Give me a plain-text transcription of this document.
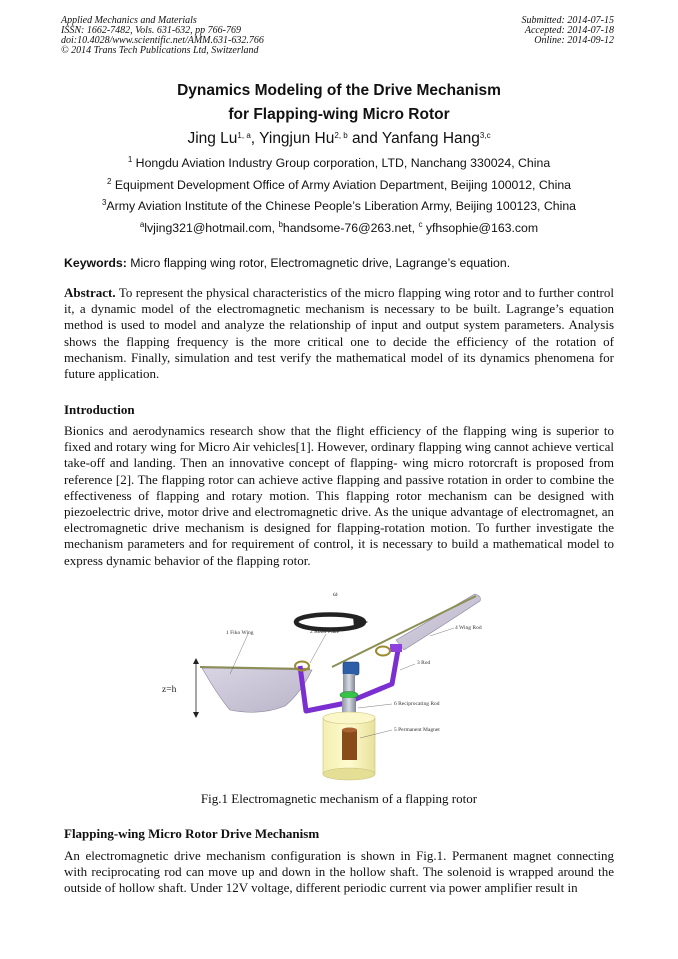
Applied Mechanics and Materials
ISSN: 1662-7482, Vols. 631-632, pp 766-769
doi:10.4028/www.scientific.net/AMM.631-632.766
© 2014 Trans Tech Publications Ltd, Switzerland
Submitted: 2014-07-15
Accepted: 2014-07-18
Online: 2014-09-12
Dynamics Modeling of the Drive Mechanism
for Flapping-wing Micro Rotor
Jing Lu$^{1, a}$, Yingjun Hu$^{2, b}$ and Yanfang Hang$^{3,c}$
$^1$ Hongdu Aviation Industry Group corporation, LTD, Nanchang 330024, China
$^2$ Equipment Development Office of Army Aviation Department, Beijing 100012, China
$^3$Army Aviation Institute of the Chinese People’s Liberation Army, Beijing 100123, China
$^a$lvjing321@hotmail.com, $^b$handsome-76@263.net, $^c$ yfhsophie@163.com
Keywords: Micro flapping wing rotor, Electromagnetic drive, Lagrange’s equation.
Abstract. To represent the physical characteristics of the micro flapping wing rotor and to further control it, a dynamic model of the electromagnetic mechanism is necessary to be built. Lagrange’s equation method is used to model and analyze the relationship of input and output system parameters. Analysis shows the flapping frequency is the more critical one to decide the efficiency of the rotation of mechanism. Finally, simulation and test verify the mathematical model of its dynamics phenomena for future application.
Introduction
Bionics and aerodynamics research show that the flight efficiency of the flapping wing is superior to fixed and rotary wing for Micro Air vehicles[1]. However, ordinary flapping wing cannot achieve vertical take-off and landing. Then an innovative concept of flapping- wing micro rotorcraft is proposed from reference [2]. The flapping rotor can achieve active flapping and passive rotation in order to combine the effectiveness of flapping and rotary motion. This flapping rotor mechanism can be designed with piezoelectric drive, motor drive and electromagnetic drive. As the unique advantage of electromagnet, an electromagnetic drive mechanism is designed for flapping-rotation motion. To further investigate the mechanism parameters and for requirement of control, it is necessary to build a mathematical model to express dynamic behavior of the flapping rotor.
ω
z=h
1 Fiko Wing	2 Rotor Plate
4 Wing Rod
3 Rod
6 Reciprocating Rod
5 Permanent Magnet
Fig.1 Electromagnetic mechanism of a flapping rotor
Flapping-wing Micro Rotor Drive Mechanism
An electromagnetic drive mechanism configuration is shown in Fig.1. Permanent magnet connecting with reciprocating rod can move up and down in the hollow shaft. The solenoid is wrapped around the outside of hollow shaft. Under 12V voltage, different periodic current via power amplifier result in
